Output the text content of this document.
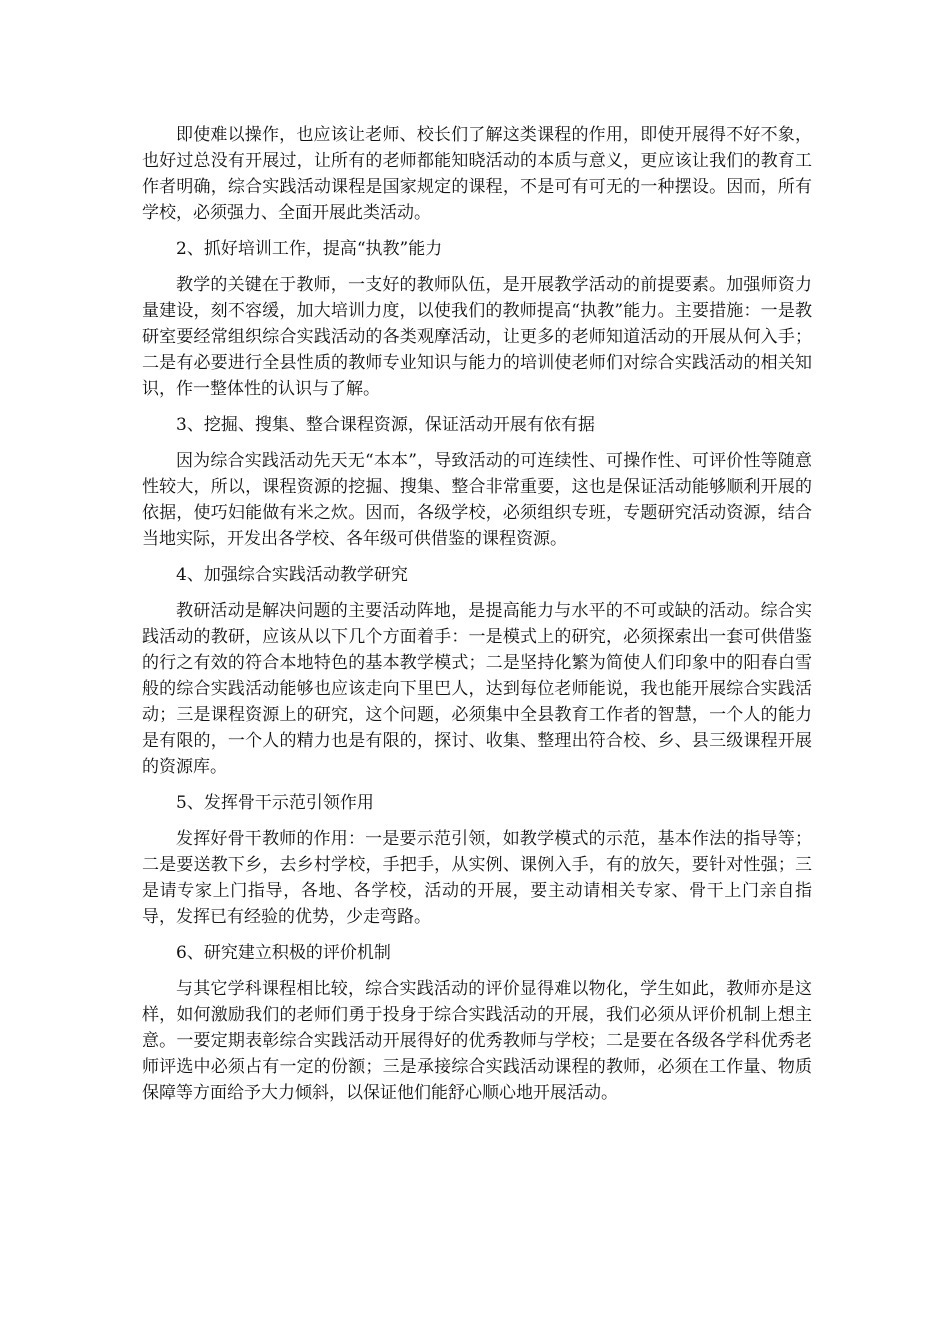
即使难以操作，也应该让老师、校长们了解这类课程的作用，即使开展得不好不象，也好过总没有开展过，让所有的老师都能知晓活动的本质与意义，更应该让我们的教育工作者明确，综合实践活动课程是国家规定的课程，不是可有可无的一种摆设。因而，所有学校，必须强力、全面开展此类活动。

2、抓好培训工作，提高“执教”能力

教学的关键在于教师，一支好的教师队伍，是开展教学活动的前提要素。加强师资力量建设，刻不容缓，加大培训力度，以使我们的教师提高“执教”能力。主要措施：一是教研室要经常组织综合实践活动的各类观摩活动，让更多的老师知道活动的开展从何入手；二是有必要进行全县性质的教师专业知识与能力的培训使老师们对综合实践活动的相关知识，作一整体性的认识与了解。

3、挖掘、搜集、整合课程资源，保证活动开展有依有据

因为综合实践活动先天无“本本”，导致活动的可连续性、可操作性、可评价性等随意性较大，所以，课程资源的挖掘、搜集、整合非常重要，这也是保证活动能够顺利开展的依据，使巧妇能做有米之炊。因而，各级学校，必须组织专班，专题研究活动资源，结合当地实际，开发出各学校、各年级可供借鉴的课程资源。

4、加强综合实践活动教学研究

教研活动是解决问题的主要活动阵地，是提高能力与水平的不可或缺的活动。综合实践活动的教研，应该从以下几个方面着手：一是模式上的研究，必须探索出一套可供借鉴的行之有效的符合本地特色的基本教学模式；二是坚持化繁为简使人们印象中的阳春白雪般的综合实践活动能够也应该走向下里巴人，达到每位老师能说，我也能开展综合实践活动；三是课程资源上的研究，这个问题，必须集中全县教育工作者的智慧，一个人的能力是有限的，一个人的精力也是有限的，探讨、收集、整理出符合校、乡、县三级课程开展的资源库。

5、发挥骨干示范引领作用

发挥好骨干教师的作用：一是要示范引领，如教学模式的示范，基本作法的指导等；二是要送教下乡，去乡村学校，手把手，从实例、课例入手，有的放矢，要针对性强；三是请专家上门指导，各地、各学校，活动的开展，要主动请相关专家、骨干上门亲自指导，发挥已有经验的优势，少走弯路。

6、研究建立积极的评价机制

与其它学科课程相比较，综合实践活动的评价显得难以物化，学生如此，教师亦是这样，如何激励我们的老师们勇于投身于综合实践活动的开展，我们必须从评价机制上想主意。一要定期表彰综合实践活动开展得好的优秀教师与学校；二是要在各级各学科优秀老师评选中必须占有一定的份额；三是承接综合实践活动课程的教师，必须在工作量、物质保障等方面给予大力倾斜，以保证他们能舒心顺心地开展活动。
